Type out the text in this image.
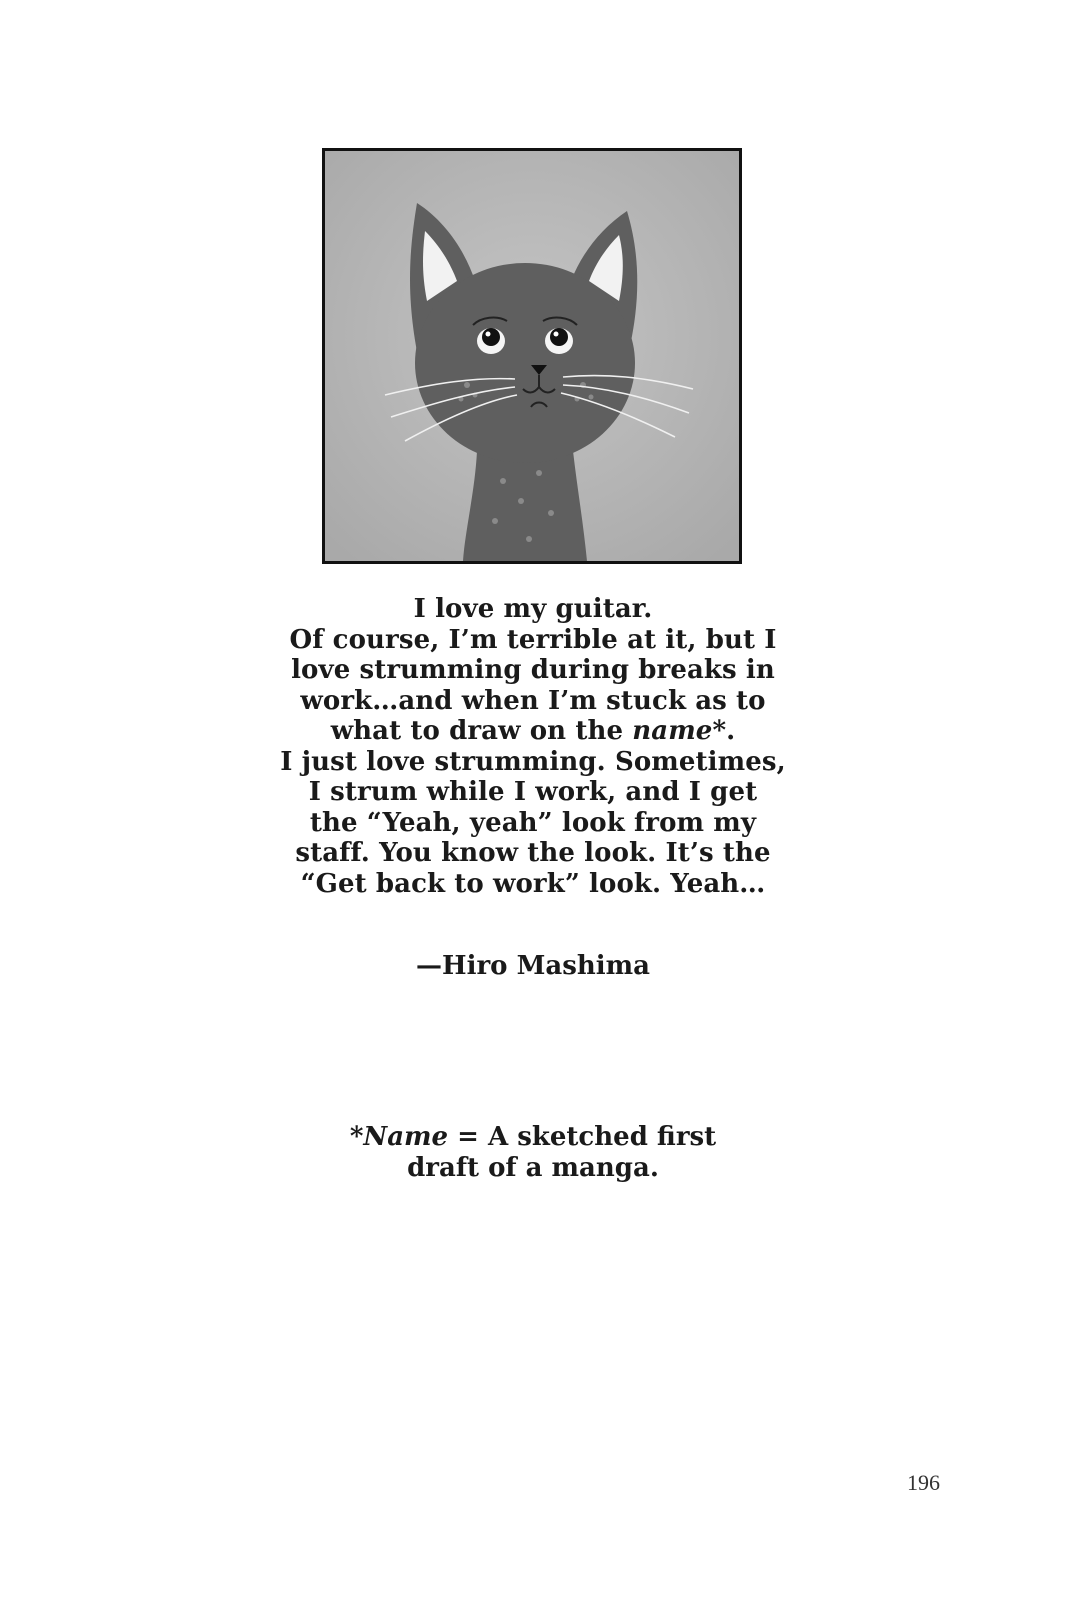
I love my guitar.
Of course, I’m terrible at it, but I
love strumming during breaks in
work…and when I’m stuck as to
what to draw on the name*.
I just love strumming. Sometimes,
I strum while I work, and I get
the “Yeah, yeah” look from my
staff. You know the look. It’s the
“Get back to work” look. Yeah…
—Hiro Mashima
*Name = A sketched first
draft of a manga.
196
